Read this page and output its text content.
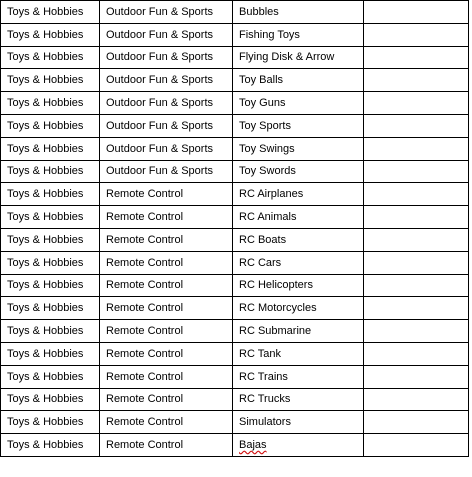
Toys & Hobbies	Outdoor Fun & Sports	Bubbles	
Toys & Hobbies	Outdoor Fun & Sports	Fishing Toys	
Toys & Hobbies	Outdoor Fun & Sports	Flying Disk & Arrow	
Toys & Hobbies	Outdoor Fun & Sports	Toy Balls	
Toys & Hobbies	Outdoor Fun & Sports	Toy Guns	
Toys & Hobbies	Outdoor Fun & Sports	Toy Sports	
Toys & Hobbies	Outdoor Fun & Sports	Toy Swings	
Toys & Hobbies	Outdoor Fun & Sports	Toy Swords	
Toys & Hobbies	Remote Control	RC Airplanes	
Toys & Hobbies	Remote Control	RC Animals	
Toys & Hobbies	Remote Control	RC Boats	
Toys & Hobbies	Remote Control	RC Cars	
Toys & Hobbies	Remote Control	RC Helicopters	
Toys & Hobbies	Remote Control	RC Motorcycles	
Toys & Hobbies	Remote Control	RC Submarine	
Toys & Hobbies	Remote Control	RC Tank	
Toys & Hobbies	Remote Control	RC Trains	
Toys & Hobbies	Remote Control	RC Trucks	
Toys & Hobbies	Remote Control	Simulators	
Toys & Hobbies	Remote Control	Bajas	
